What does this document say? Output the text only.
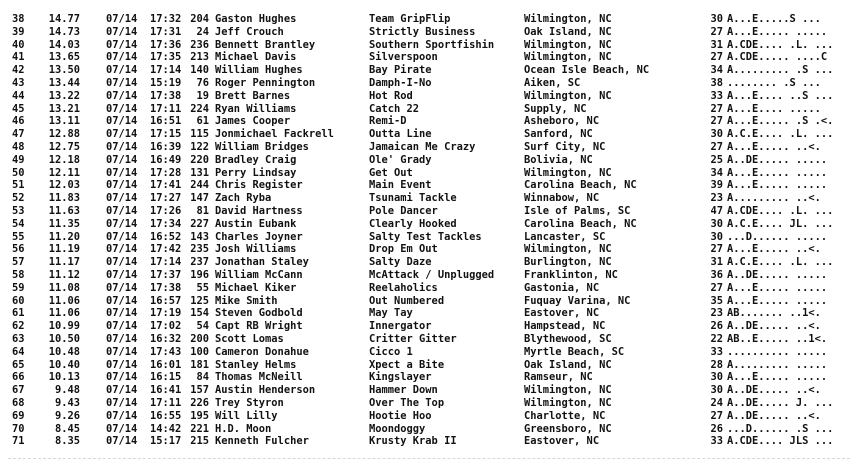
38	14.77	07/14 17:32 204 Gaston Hughes	Team GripFlip	Wilmington, NC	30 A...E.....S ...
39	14.73	07/14 17:31	24 Jeff Crouch	Strictly Business	Oak Island, NC	27 A...E..... .....
40	14.03	07/14 17:36 236 Bennett Brantley	Southern Sportfishin	Wilmington, NC	31 A.CDE.... .L. ...
41	13.65	07/14 17:35 213 Michael Davis	Silverspoon	Wilmington, NC	27 A.CDE..... ....C
42	13.50	07/14 17:14 140 William Hughes	Bay Pirate	Ocean Isle Beach, NC	34 A......... .S ...
43	13.44	07/14 15:19	76 Roger Pennington	Damph-I-No	Aiken, SC	38 ........ .S ...
44	13.22	07/14 17:38	19 Brett Barnes	Hot Rod	Wilmington, NC	33 A...E.... ..S ...
45	13.21	07/14 17:11 224 Ryan Williams	Catch 22	Supply, NC	27 A...E.... .....
46	13.11	07/14 16:51	61 James Cooper	Remi-D	Asheboro, NC	27 A...E..... .S .<.
47	12.88	07/14 17:15 115 Jonmichael Fackrell	Outta Line	Sanford, NC	30 A.C.E.... .L. ...
48	12.75	07/14 16:39 122 William Bridges	Jamaican Me Crazy	Surf City, NC	27 A...E..... ..<.
49	12.18	07/14 16:49 220 Bradley Craig	Ole' Grady	Bolivia, NC	25 A..DE..... .....
50	12.11	07/14 17:28 131 Perry Lindsay	Get Out	Wilmington, NC	34 A...E..... .....
51	12.03	07/14 17:41 244 Chris Register	Main Event	Carolina Beach, NC	39 A...E..... .....
52	11.83	07/14 17:27 147 Zach Ryba	Tsunami Tackle	Winnabow, NC	23 A......... ..<.
53	11.63	07/14 17:26	81 David Hartness	Pole Dancer	Isle of Palms, SC	47 A.CDE.... .L. ...
54	11.35	07/14 17:34 227 Austin Eubank	Clearly Hooked	Carolina Beach, NC	30 A.C.E.... JL. ...
55	11.20	07/14 16:52 143 Charles Joyner	Salty Test Tackles	Lancaster, SC	30 ...D...... .....
56	11.19	07/14 17:42 235 Josh Williams	Drop Em Out	Wilmington, NC	27 A...E..... ..<.
57	11.17	07/14 17:14 237 Jonathan Staley	Salty Daze	Burlington, NC	31 A.C.E.... .L. ...
58	11.12	07/14 17:37 196 William McCann	McAttack / Unplugged	Franklinton, NC	36 A..DE..... .....
59	11.08	07/14 17:38	55 Michael Kiker	Reelaholics	Gastonia, NC	27 A...E..... .....
60	11.06	07/14 16:57 125 Mike Smith	Out Numbered	Fuquay Varina, NC	35 A...E..... .....
61	11.06	07/14 17:19 154 Steven Godbold	May Tay	Eastover, NC	23 AB....... ..1<.
62	10.99	07/14 17:02	54 Capt RB Wright	Innergator	Hampstead, NC	26 A..DE..... ..<.
63	10.50	07/14 16:32 200 Scott Lomas	Critter Gitter	Blythewood, SC	22 AB..E..... ..1<.
64	10.48	07/14 17:43 100 Cameron Donahue	Cicco 1	Myrtle Beach, SC	33 .......... .....
65	10.40	07/14 16:01 181 Stanley Helms	Xpect a Bite	Oak Island, NC	28 A......... .....
66	10.13	07/14 16:15	84 Thomas McNeill	Kingslayer	Ramseur, NC	30 A...E..... .....
67	9.48	07/14 16:41 157 Austin Henderson	Hammer Down	Wilmington, NC	30 A..DE..... ..<.
68	9.43	07/14 17:11 226 Trey Styron	Over The Top	Wilmington, NC	24 A..DE..... J. ...
69	9.26	07/14 16:55 195 Will Lilly	Hootie Hoo	Charlotte, NC	27 A..DE..... ..<.
70	8.45	07/14 14:42 221 H.D. Moon	Moondoggy	Greensboro, NC	26 ...D...... .S ...
71	8.35	07/14 15:17 215 Kenneth Fulcher	Krusty Krab II	Eastover, NC	33 A.CDE.... JLS ...
